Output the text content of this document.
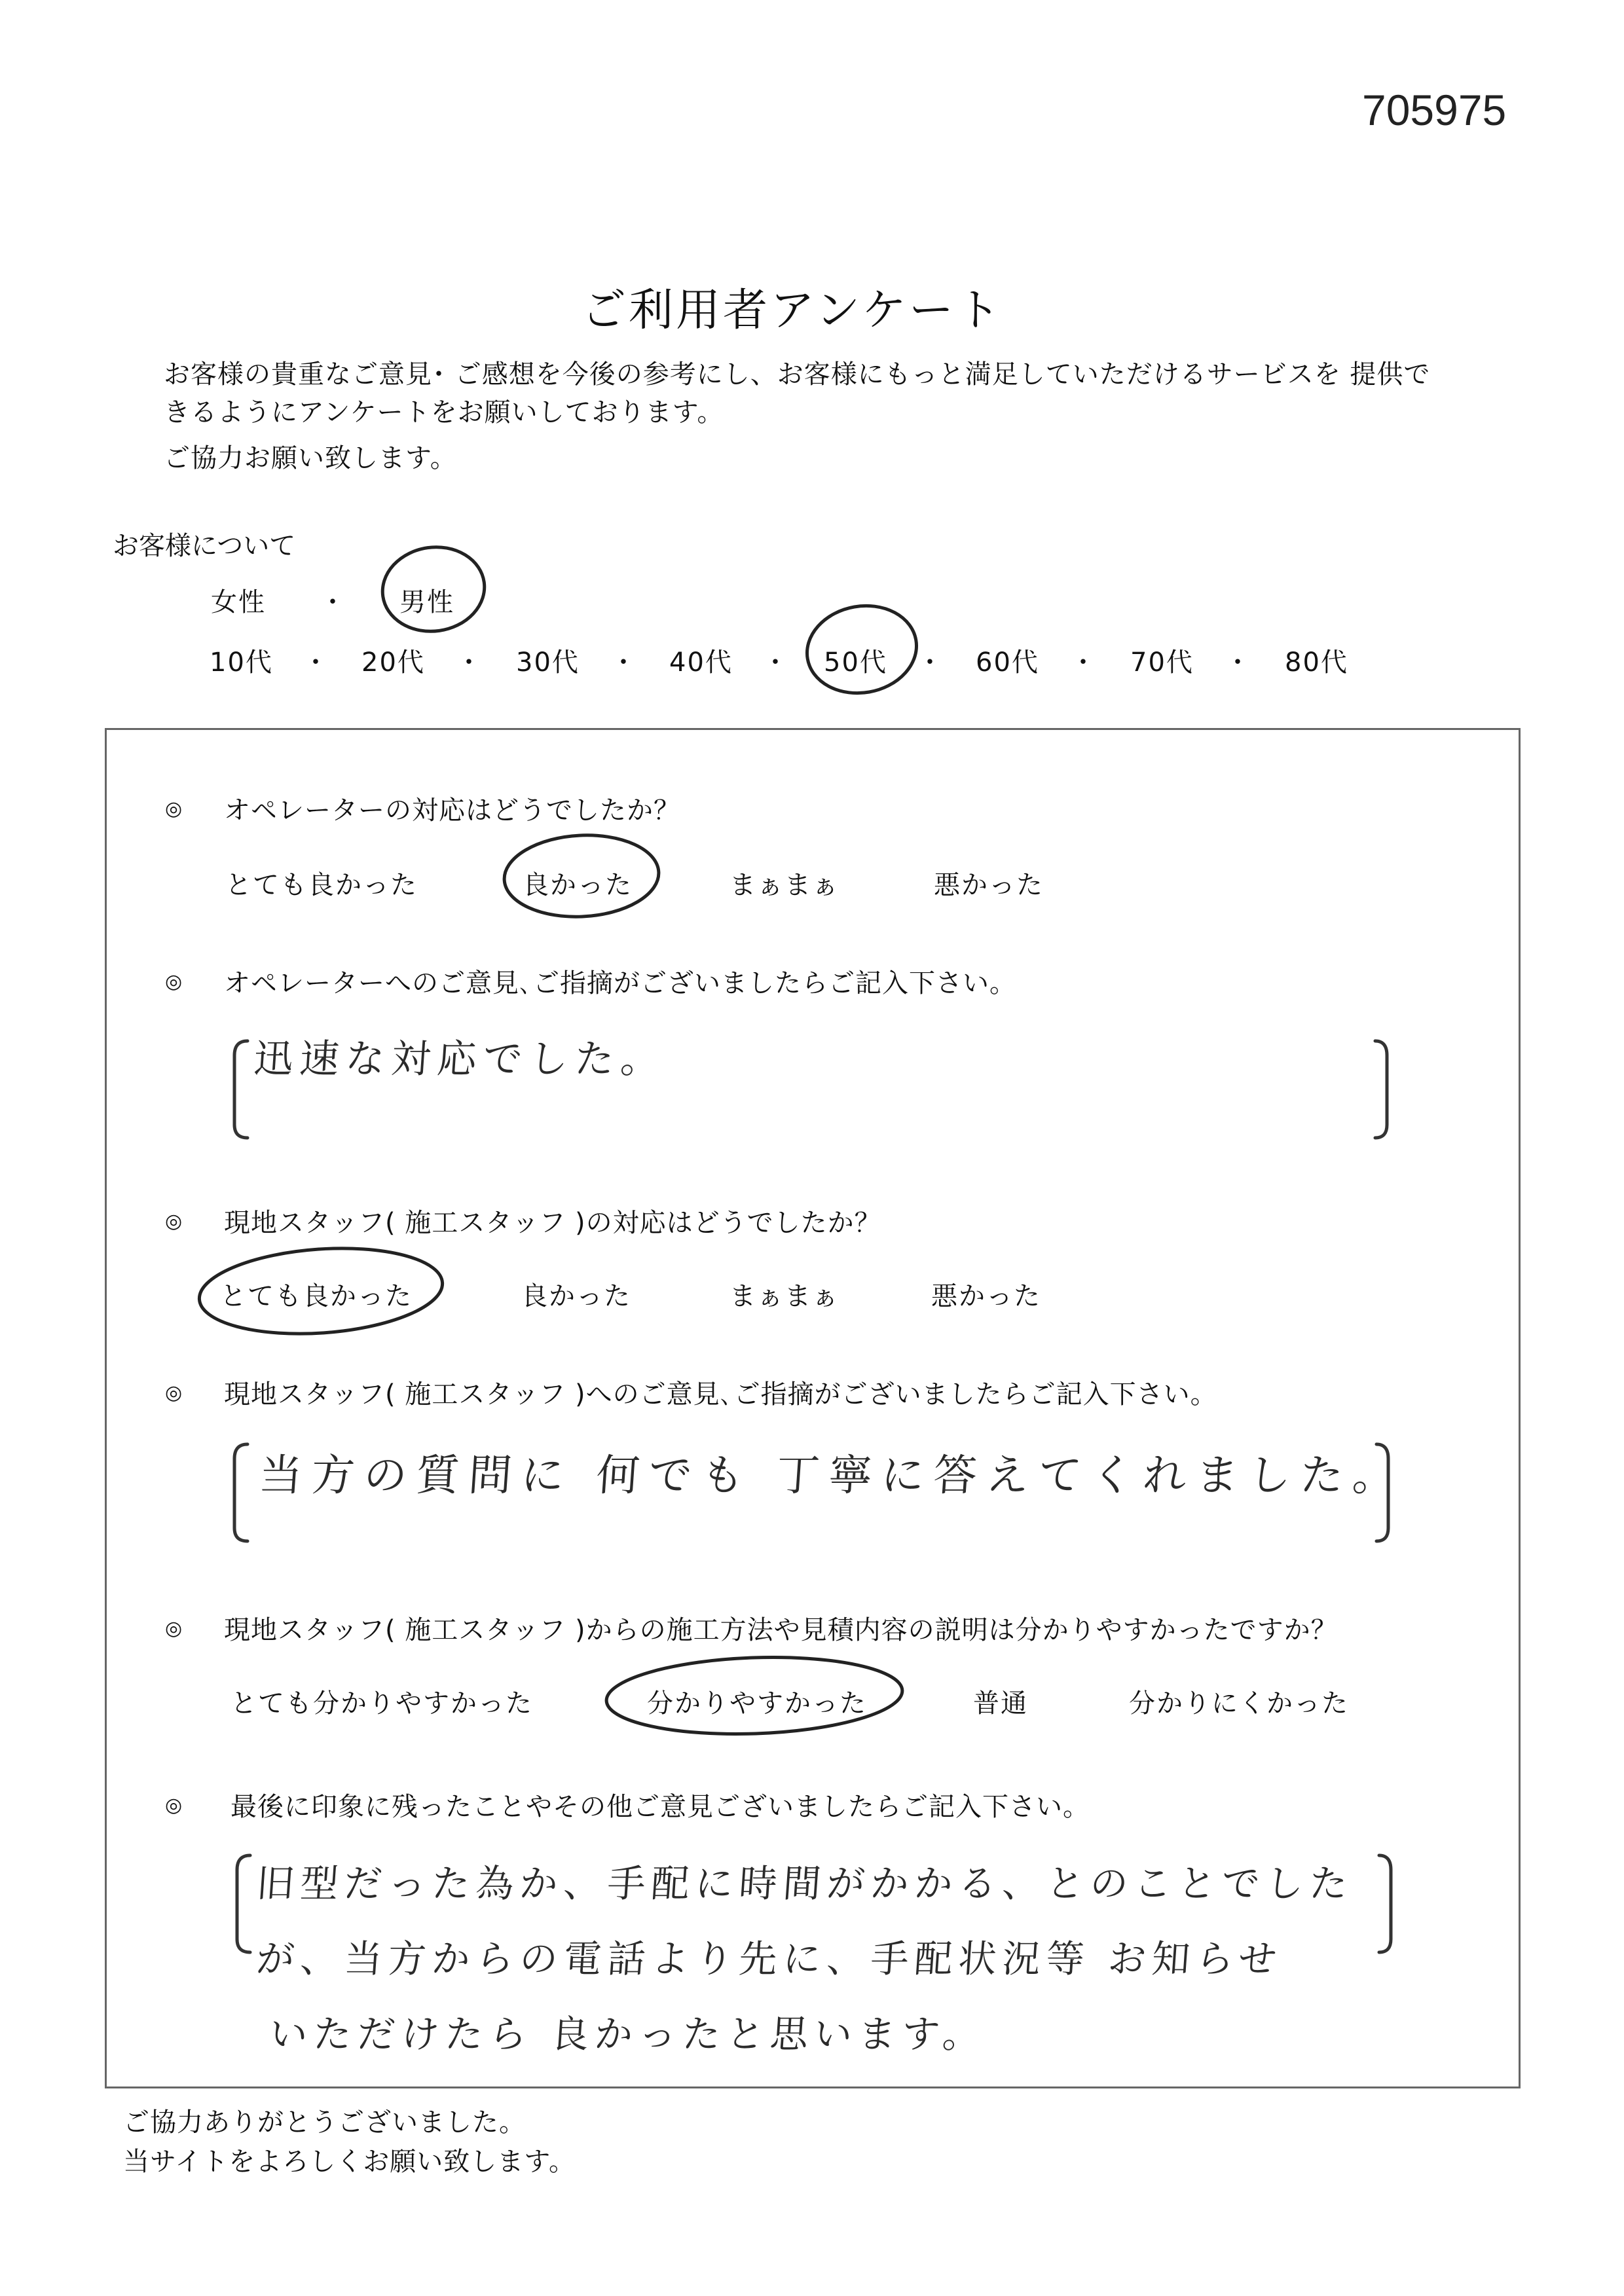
705975
ご利用者アンケート
お客様の貴重なご意見･ ご感想を今後の参考にし、お客様にもっと満足していただけるサービスを 提供で
きるようにアンケートをお願いしております。
ご協力お願い致します。
お客様について
女性 ・ 男性
10代 ・ 20代 ・ 30代 ・ 40代 ・ 50代 ・ 60代 ・ 70代 ・ 80代
◎ オペレーターの対応はどうでしたか？
とても良かった	良かった	まぁまぁ	悪かった
◎ オペレーターへのご意見､ご指摘がございましたらご記入下さい。
迅速な対応でした。
◎ 現地スタッフ( 施工スタッフ )の対応はどうでしたか？
とても良かった	良かった	まぁまぁ	悪かった
◎ 現地スタッフ( 施工スタッフ )へのご意見､ご指摘がございましたらご記入下さい。
当方の質問に 何でも 丁寧に答えてくれました。
◎ 現地スタッフ( 施工スタッフ )からの施工方法や見積内容の説明は分かりやすかったですか？
とても分かりやすかった	分かりやすかった	普通	分かりにくかった
◎ 最後に印象に残ったことやその他ご意見ございましたらご記入下さい。
旧型だった為か、手配に時間がかかる、とのことでした
が、当方からの電話より先に、手配状況等 お知らせ
いただけたら 良かったと思います。
ご協力ありがとうございました。
当サイトをよろしくお願い致します。
